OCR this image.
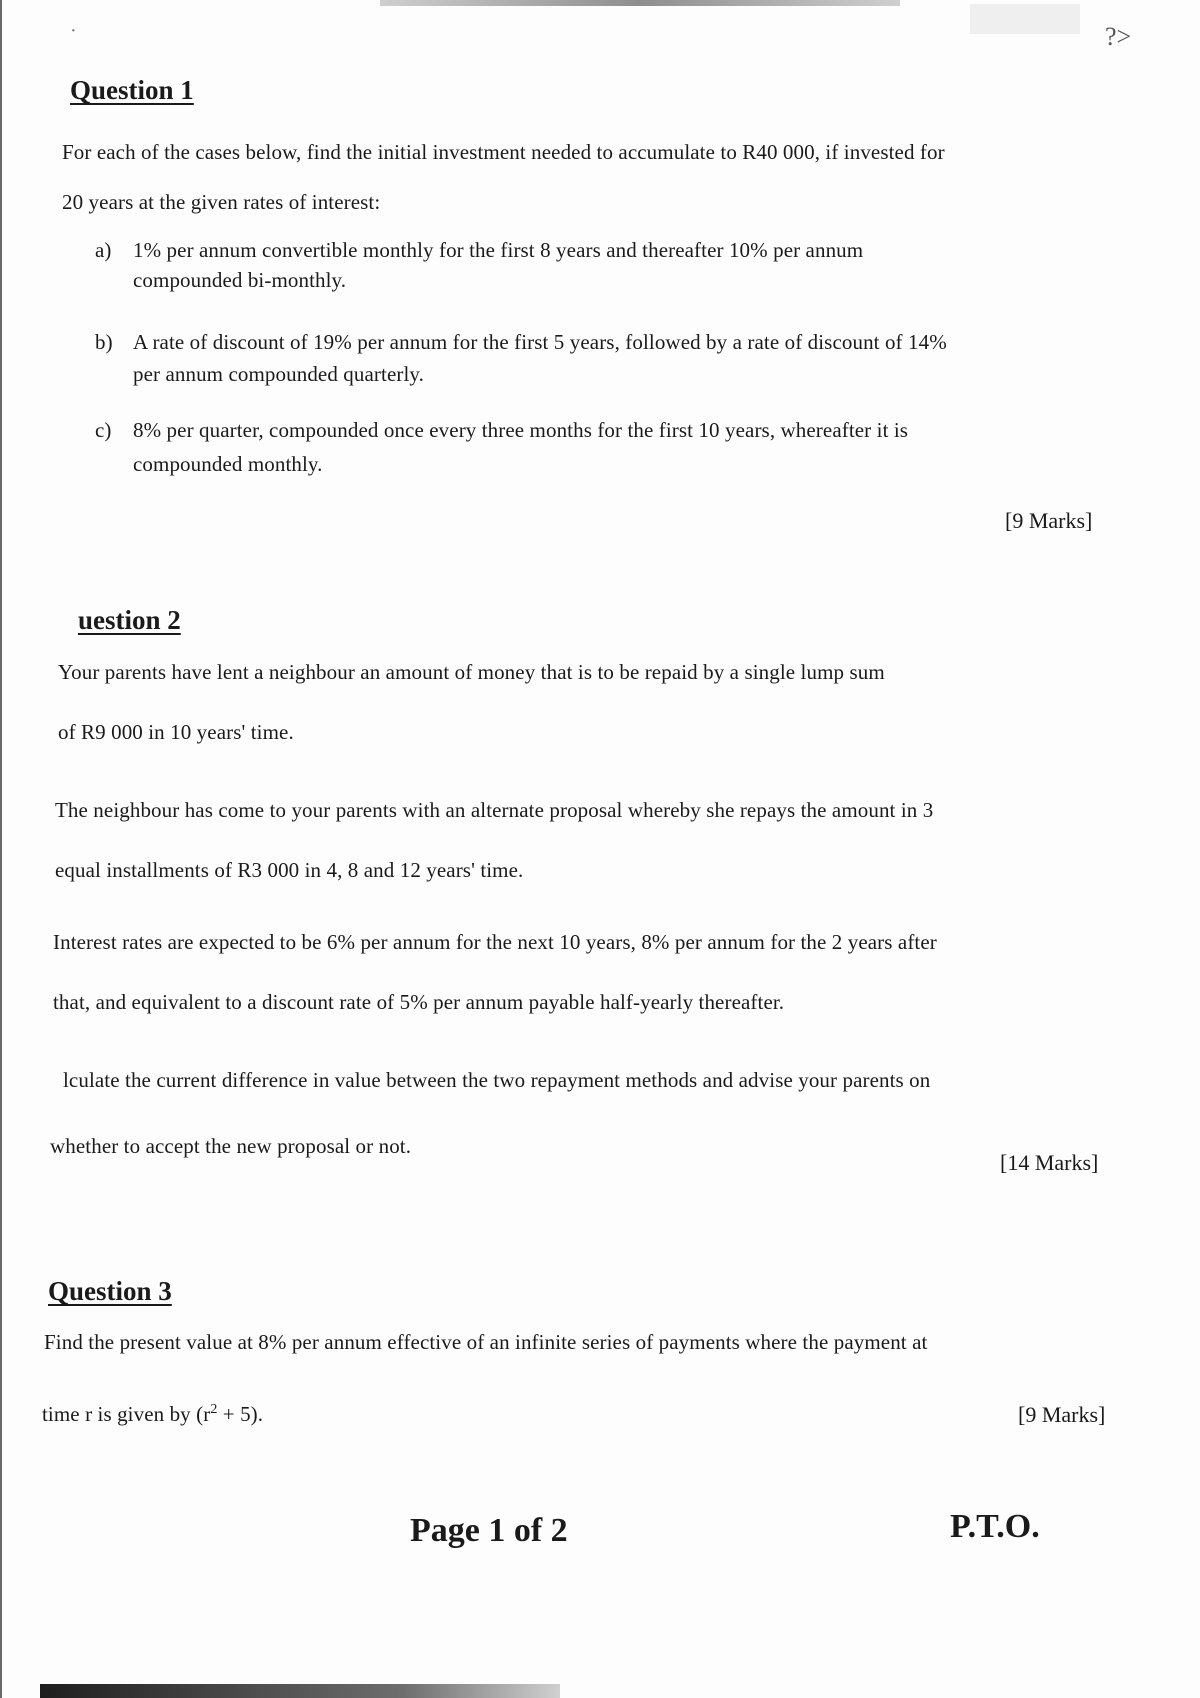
?>
·
Question 1
For each of the cases below, find the initial investment needed to accumulate to R40 000, if invested for
20 years at the given rates of interest:
a) 1% per annum convertible monthly for the first 8 years and thereafter 10% per annum
compounded bi-monthly.
b) A rate of discount of 19% per annum for the first 5 years, followed by a rate of discount of 14%
per annum compounded quarterly.
c) 8% per quarter, compounded once every three months for the first 10 years, whereafter it is
compounded monthly.
[9 Marks]
uestion 2
Your parents have lent a neighbour an amount of money that is to be repaid by a single lump sum
of R9 000 in 10 years' time.
The neighbour has come to your parents with an alternate proposal whereby she repays the amount in 3
equal installments of R3 000 in 4, 8 and 12 years' time.
Interest rates are expected to be 6% per annum for the next 10 years, 8% per annum for the 2 years after
that, and equivalent to a discount rate of 5% per annum payable half-yearly thereafter.
lculate the current difference in value between the two repayment methods and advise your parents on
whether to accept the new proposal or not.
[14 Marks]
Question 3
Find the present value at 8% per annum effective of an infinite series of payments where the payment at
time r is given by $(r^2 + 5)$.	[9 Marks]
Page 1 of 2	P.T.O.
